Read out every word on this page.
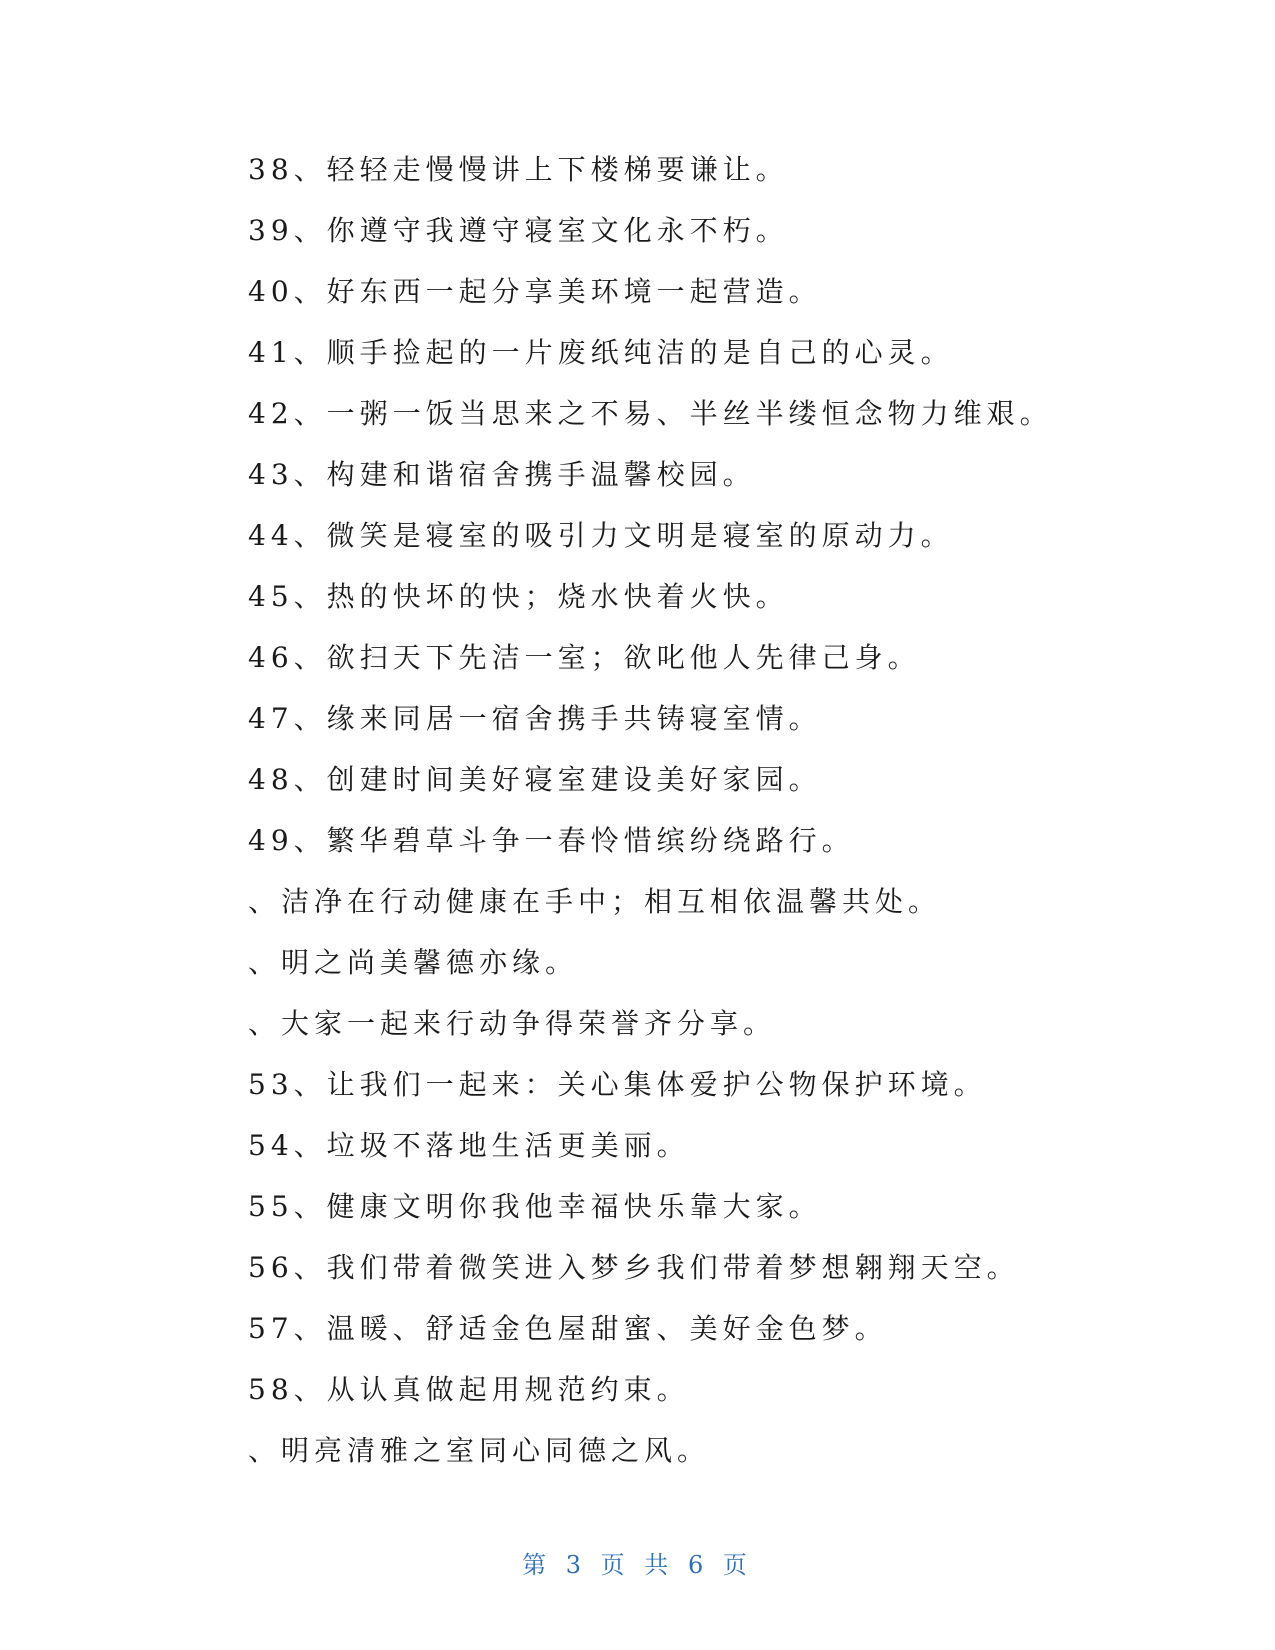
38、轻轻走慢慢讲上下楼梯要谦让。
39、你遵守我遵守寝室文化永不朽。
40、好东西一起分享美环境一起营造。
41、顺手捡起的一片废纸纯洁的是自己的心灵。
42、一粥一饭当思来之不易、半丝半缕恒念物力维艰。
43、构建和谐宿舍携手温馨校园。
44、微笑是寝室的吸引力文明是寝室的原动力。
45、热的快坏的快；烧水快着火快。
46、欲扫天下先洁一室；欲叱他人先律己身。
47、缘来同居一宿舍携手共铸寝室情。
48、创建时间美好寝室建设美好家园。
49、繁华碧草斗争一春怜惜缤纷绕路行。
、洁净在行动健康在手中；相互相依温馨共处。
、明之尚美馨德亦缘。
、大家一起来行动争得荣誉齐分享。
53、让我们一起来：关心集体爱护公物保护环境。
54、垃圾不落地生活更美丽。
55、健康文明你我他幸福快乐靠大家。
56、我们带着微笑进入梦乡我们带着梦想翱翔天空。
57、温暖、舒适金色屋甜蜜、美好金色梦。
58、从认真做起用规范约束。
、明亮清雅之室同心同德之风。
第 3 页 共 6 页
